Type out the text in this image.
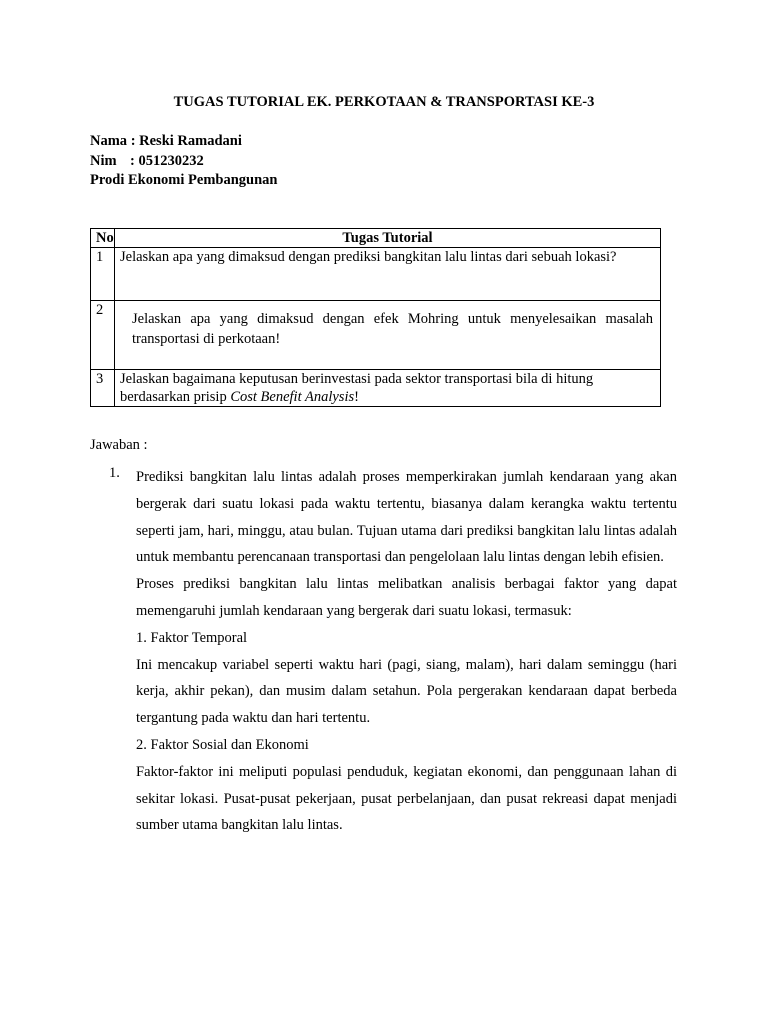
TUGAS TUTORIAL EK. PERKOTAAN & TRANSPORTASI KE-3
Nama : Reski Ramadani
Nim : 051230232
Prodi Ekonomi Pembangunan
No	Tugas Tutorial
1	Jelaskan apa yang dimaksud dengan prediksi bangkitan lalu lintas dari sebuah lokasi?
2	Jelaskan apa yang dimaksud dengan efek Mohring untuk menyelesaikan masalah transportasi di perkotaan!

3	Jelaskan bagaimana keputusan berinvestasi pada sektor transportasi bila di hitung berdasarkan prisip Cost Benefit Analysis!
Jawaban :
1. Prediksi bangkitan lalu lintas adalah proses memperkirakan jumlah kendaraan yang akan bergerak dari suatu lokasi pada waktu tertentu, biasanya dalam kerangka waktu tertentu seperti jam, hari, minggu, atau bulan. Tujuan utama dari prediksi bangkitan lalu lintas adalah untuk membantu perencanaan transportasi dan pengelolaan lalu lintas dengan lebih efisien.

Proses prediksi bangkitan lalu lintas melibatkan analisis berbagai faktor yang dapat memengaruhi jumlah kendaraan yang bergerak dari suatu lokasi, termasuk:

1. Faktor Temporal

Ini mencakup variabel seperti waktu hari (pagi, siang, malam), hari dalam seminggu (hari kerja, akhir pekan), dan musim dalam setahun. Pola pergerakan kendaraan dapat berbeda tergantung pada waktu dan hari tertentu.

2. Faktor Sosial dan Ekonomi

Faktor-faktor ini meliputi populasi penduduk, kegiatan ekonomi, dan penggunaan lahan di sekitar lokasi. Pusat-pusat pekerjaan, pusat perbelanjaan, dan pusat rekreasi dapat menjadi sumber utama bangkitan lalu lintas.
